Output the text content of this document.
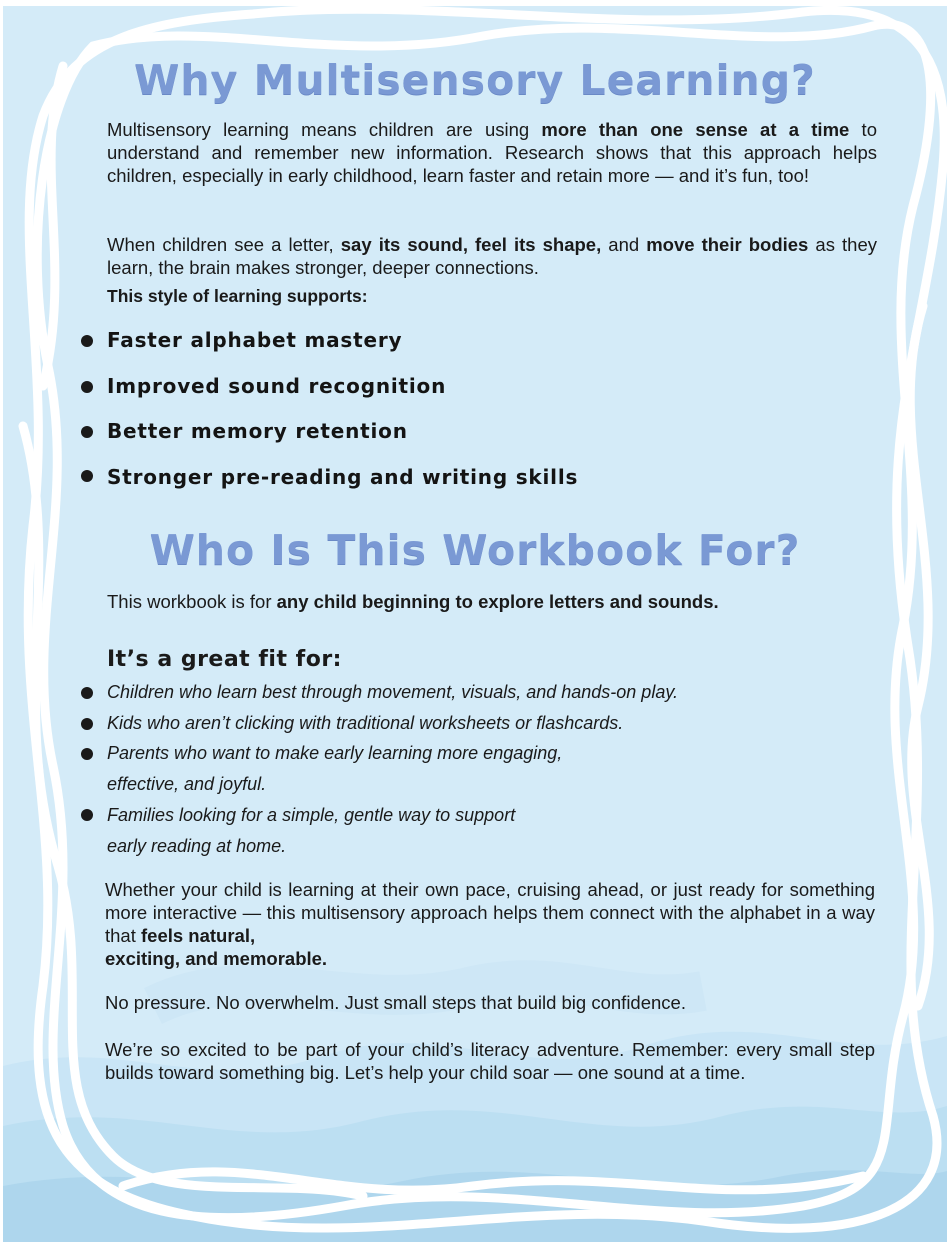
Why Multisensory Learning?
Multisensory learning means children are using more than one sense at a time to understand and remember new information. Research shows that this approach helps children, especially in early childhood, learn faster and retain more — and it’s fun, too!
When children see a letter, say its sound, feel its shape, and move their bodies as they learn, the brain makes stronger, deeper connections.
This style of learning supports:
Faster alphabet mastery
Improved sound recognition
Better memory retention
Stronger pre-reading and writing skills
Who Is This Workbook For?
This workbook is for any child beginning to explore letters and sounds.
It’s a great fit for:
Children who learn best through movement, visuals, and hands-on play.
Kids who aren’t clicking with traditional worksheets or flashcards.
Parents who want to make early learning more engaging,
effective, and joyful.
Families looking for a simple, gentle way to support
early reading at home.
Whether your child is learning at their own pace, cruising ahead, or just ready for something more interactive — this multisensory approach helps them connect with the alphabet in a way that feels natural,
exciting, and memorable.
No pressure. No overwhelm. Just small steps that build big confidence.
We’re so excited to be part of your child’s literacy adventure. Remember: every small step builds toward something big. Let’s help your child soar — one sound at a time.
